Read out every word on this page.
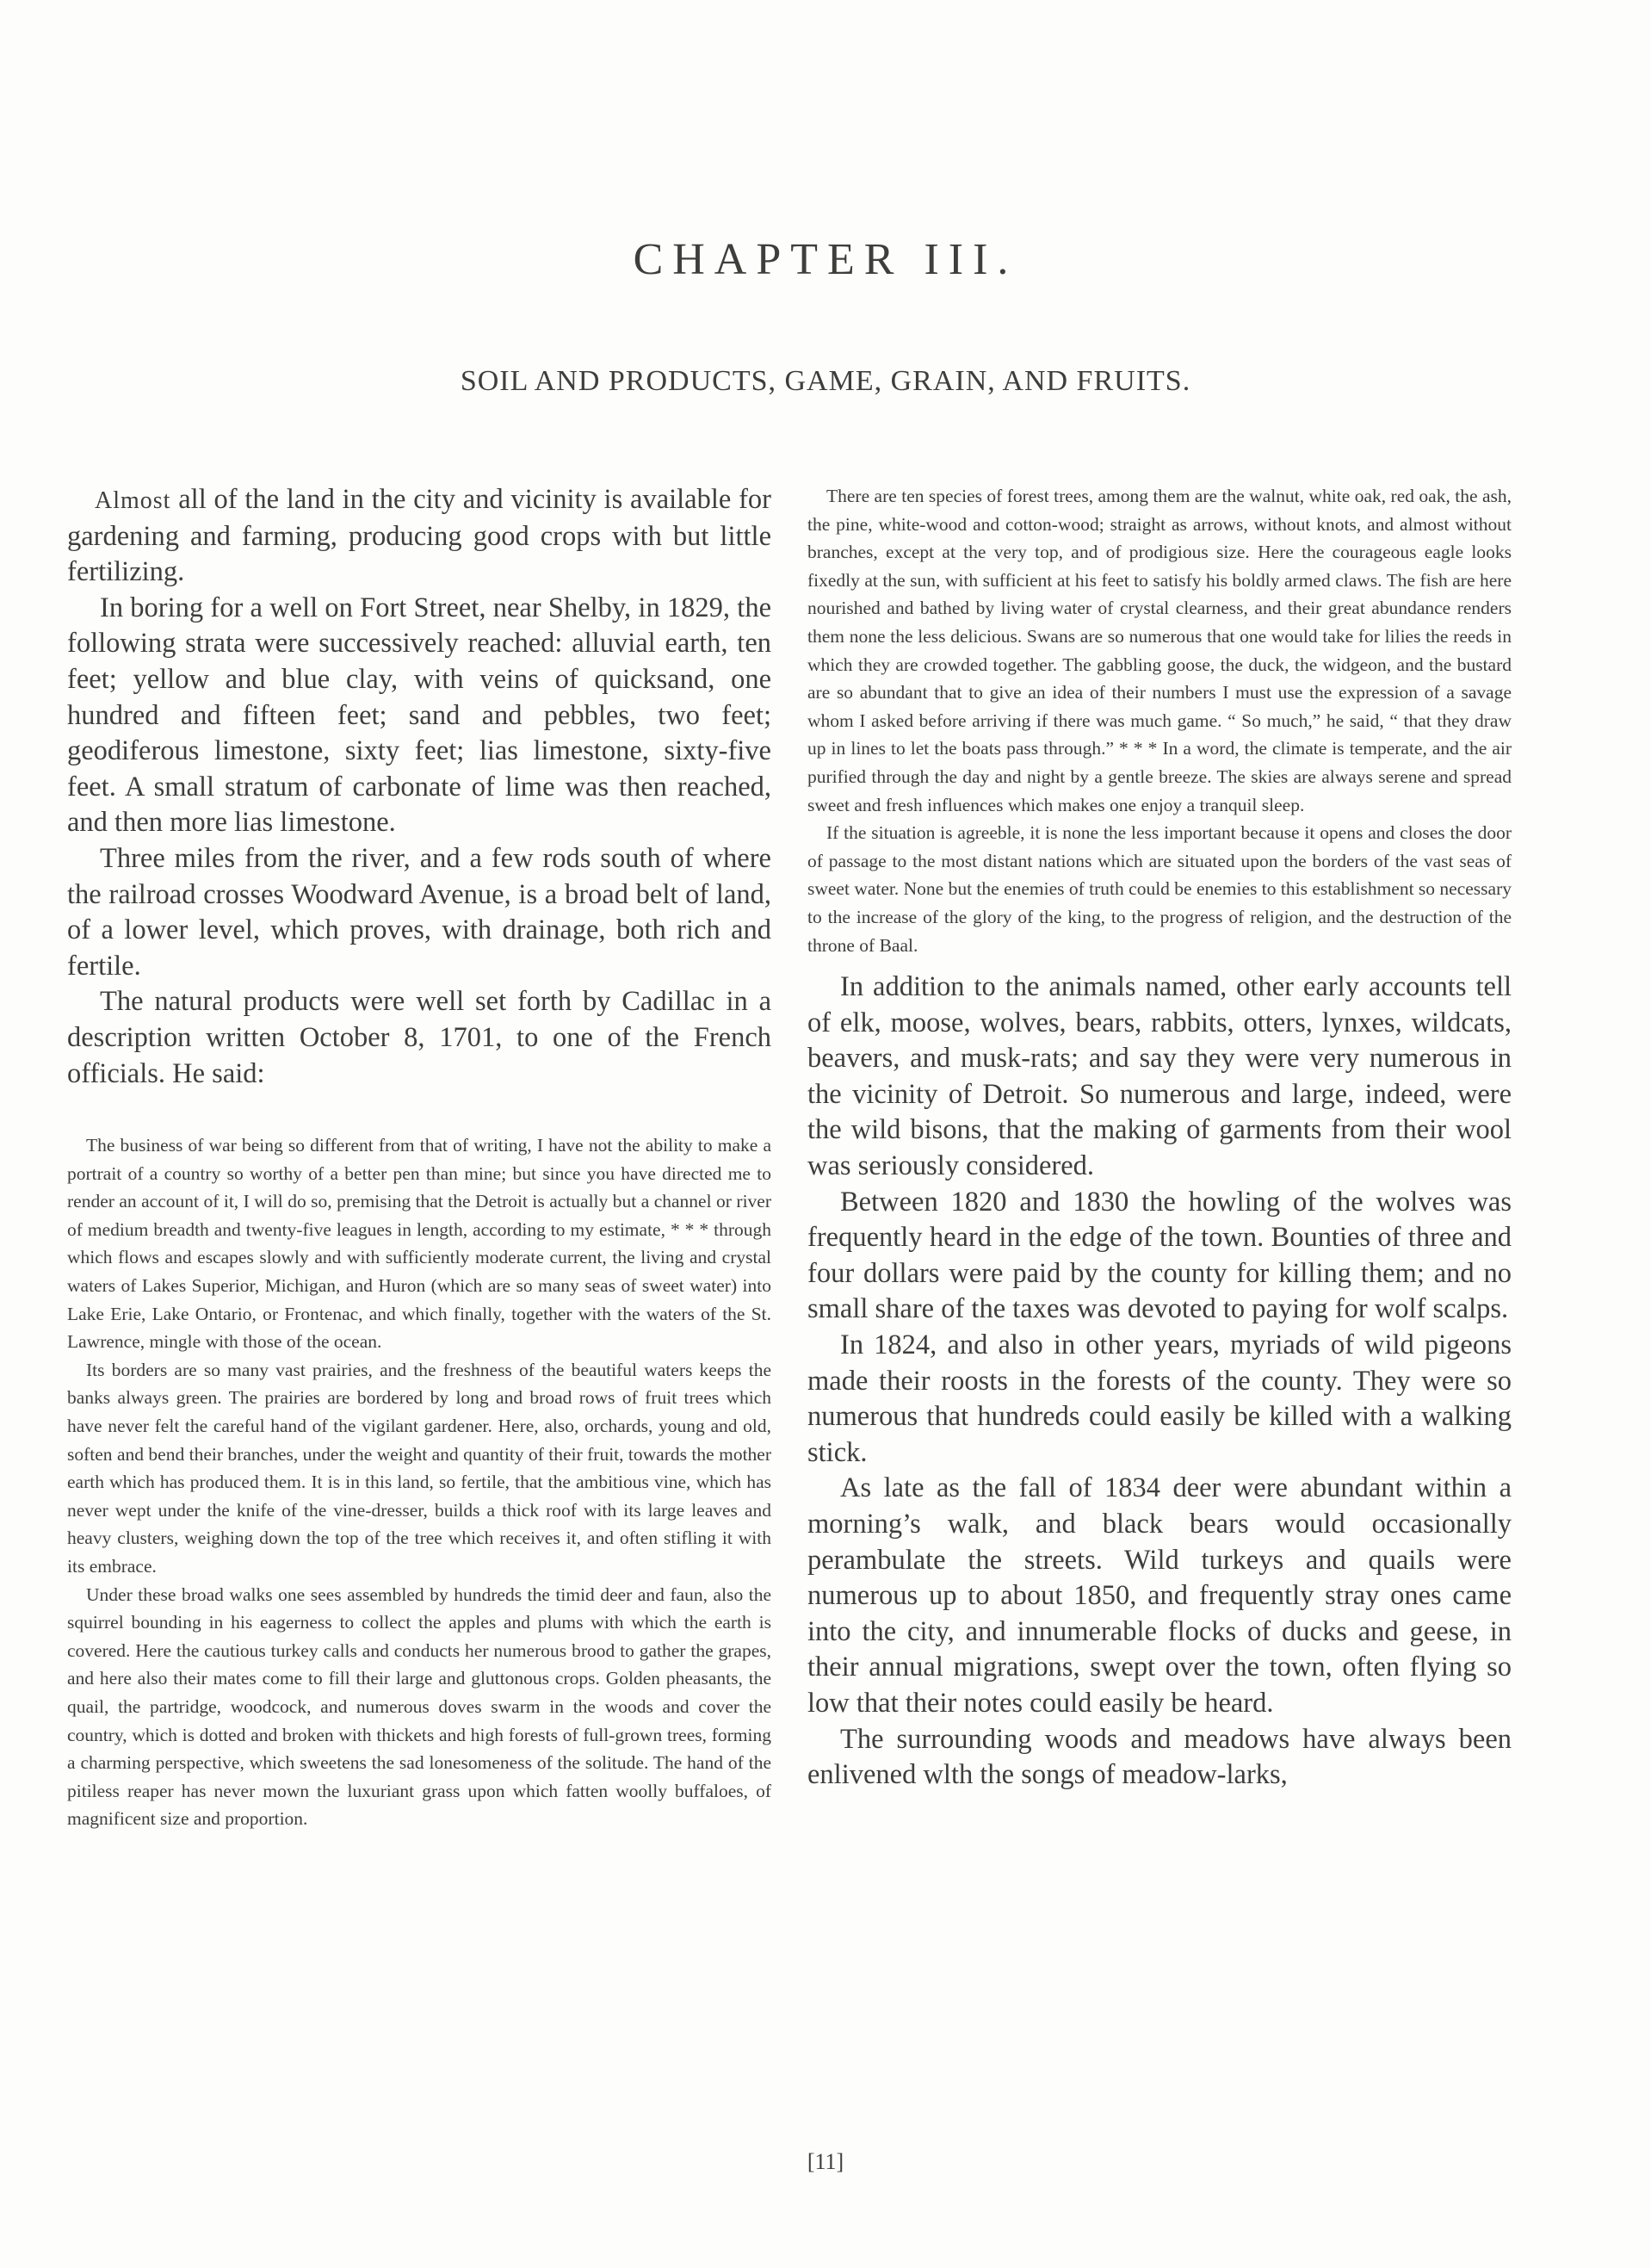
CHAPTER III.
SOIL AND PRODUCTS, GAME, GRAIN, AND FRUITS.

Almost all of the land in the city and vicinity is available for gardening and farming, producing good crops with but little fertilizing.

In boring for a well on Fort Street, near Shelby, in 1829, the following strata were successively reached: alluvial earth, ten feet; yellow and blue clay, with veins of quicksand, one hundred and fifteen feet; sand and pebbles, two feet; geodiferous limestone, sixty feet; lias limestone, sixty-five feet. A small stratum of carbonate of lime was then reached, and then more lias limestone.

Three miles from the river, and a few rods south of where the railroad crosses Woodward Avenue, is a broad belt of land, of a lower level, which proves, with drainage, both rich and fertile.

The natural products were well set forth by Cadillac in a description written October 8, 1701, to one of the French officials. He said:

The business of war being so different from that of writing, I have not the ability to make a portrait of a country so worthy of a better pen than mine; but since you have directed me to render an account of it, I will do so, premising that the Detroit is actually but a channel or river of medium breadth and twenty-five leagues in length, according to my estimate, * * * through which flows and escapes slowly and with sufficiently moderate current, the living and crystal waters of Lakes Superior, Michigan, and Huron (which are so many seas of sweet water) into Lake Erie, Lake Ontario, or Frontenac, and which finally, together with the waters of the St. Lawrence, mingle with those of the ocean.

Its borders are so many vast prairies, and the freshness of the beautiful waters keeps the banks always green. The prairies are bordered by long and broad rows of fruit trees which have never felt the careful hand of the vigilant gardener. Here, also, orchards, young and old, soften and bend their branches, under the weight and quantity of their fruit, towards the mother earth which has produced them. It is in this land, so fertile, that the ambitious vine, which has never wept under the knife of the vine-dresser, builds a thick roof with its large leaves and heavy clusters, weighing down the top of the tree which receives it, and often stifling it with its embrace.

Under these broad walks one sees assembled by hundreds the timid deer and faun, also the squirrel bounding in his eagerness to collect the apples and plums with which the earth is covered. Here the cautious turkey calls and conducts her numerous brood to gather the grapes, and here also their mates come to fill their large and gluttonous crops. Golden pheasants, the quail, the partridge, woodcock, and numerous doves swarm in the woods and cover the country, which is dotted and broken with thickets and high forests of full-grown trees, forming a charming perspective, which sweetens the sad lonesomeness of the solitude. The hand of the pitiless reaper has never mown the luxuriant grass upon which fatten woolly buffaloes, of magnificent size and proportion.

There are ten species of forest trees, among them are the walnut, white oak, red oak, the ash, the pine, white-wood and cotton-wood; straight as arrows, without knots, and almost without branches, except at the very top, and of prodigious size. Here the courageous eagle looks fixedly at the sun, with sufficient at his feet to satisfy his boldly armed claws. The fish are here nourished and bathed by living water of crystal clearness, and their great abundance renders them none the less delicious. Swans are so numerous that one would take for lilies the reeds in which they are crowded together. The gabbling goose, the duck, the widgeon, and the bustard are so abundant that to give an idea of their numbers I must use the expression of a savage whom I asked before arriving if there was much game. “ So much,” he said, “ that they draw up in lines to let the boats pass through.” * * * In a word, the climate is temperate, and the air purified through the day and night by a gentle breeze. The skies are always serene and spread sweet and fresh influences which makes one enjoy a tranquil sleep.

If the situation is agreeble, it is none the less important because it opens and closes the door of passage to the most distant nations which are situated upon the borders of the vast seas of sweet water. None but the enemies of truth could be enemies to this establishment so necessary to the increase of the glory of the king, to the progress of religion, and the destruction of the throne of Baal.

In addition to the animals named, other early accounts tell of elk, moose, wolves, bears, rabbits, otters, lynxes, wildcats, beavers, and musk-rats; and say they were very numerous in the vicinity of Detroit. So numerous and large, indeed, were the wild bisons, that the making of garments from their wool was seriously considered.

Between 1820 and 1830 the howling of the wolves was frequently heard in the edge of the town. Bounties of three and four dollars were paid by the county for killing them; and no small share of the taxes was devoted to paying for wolf scalps.

In 1824, and also in other years, myriads of wild pigeons made their roosts in the forests of the county. They were so numerous that hundreds could easily be killed with a walking stick.

As late as the fall of 1834 deer were abundant within a morning’s walk, and black bears would occasionally perambulate the streets. Wild turkeys and quails were numerous up to about 1850, and frequently stray ones came into the city, and innumerable flocks of ducks and geese, in their annual migrations, swept over the town, often flying so low that their notes could easily be heard.

The surrounding woods and meadows have always been enlivened wlth the songs of meadow-larks,

[11]
